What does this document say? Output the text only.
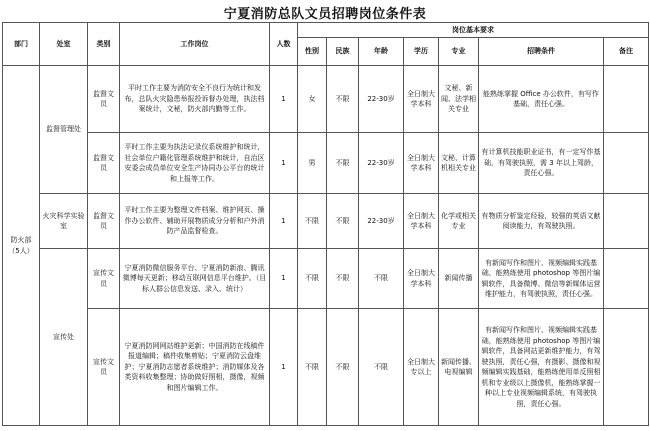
宁夏消防总队文员招聘岗位条件表
部门	处室	类别	工作岗位	人数	岗位基本要求						
					性别	民族	年龄	学历	专业	招聘条件	备注
防火部（5人）	监督管理处	监督文员	平时工作主要为消防安全不良行为统计和发布，总队火灾隐患举报投诉督办处理，执法档案统计，文秘，防火部内勤等工作。	1	女	不限	22-30岁	全日制大学本科	文秘、新闻、法学相关专业	能熟练掌握 Office 办公软件，有写作基础，责任心强。	
		监督文员	平时工作主要为执法记录仪系统维护和统计，社会单位户籍化管理系统维护和统计，自治区安委会成员单位安全生产协同办公平台的统计和上报等工作。	1	男	不限	22-30岁	全日制大学本科	文秘、计算机相关专业	有计算机技能职业证书，有一定写作基础，有驾驶执照，需 3 年以上驾龄，责任心强。	
	火灾科学实验室	监督文员	平时工作主要为整理文件档案、维护网页、操作办公软件、辅助开展物质成分分析和户外消防产品监督检查。	1	不限	不限	22-30岁	全日制大学本科	化学或相关专业	有物质分析鉴定经验，较强的英语文献阅读能力，有驾驶执照。	
	宣传处	宣传文员	宁夏消防微信服务平台、宁夏消防新浪、腾讯微博每天更新；移动互联网信息平台维护。（目标人群公信息发送、录入、统计）	1	不限	不限	不限	全日制大学本科	新闻传播	有新闻写作和图片、视频编辑实践基础，能熟练使用 photoshop 等图片编辑软件，具备微博、微信等新媒体运营维护能力，有驾驶执照，责任心强。	
		宣传文员	宁夏消防网网站维护更新；中国消防在线稿件报道编辑；稿件收集剪贴；宁夏消防云盘维护；宁夏消防志愿者系统维护；消防媒体及各类资料收集整理；协助做好照相，摄像，视频和图片编辑工作。	1	不限	不限	不限	全日制大专以上	新闻传播、电视编辑	有新闻写作和图片、视频编辑实践基础，能熟练使用 photoshop 等图片编辑软件，具备网站更新维护能力，有驾驶执照，责任心强，有摄影、摄像和视频编辑实践基础，能熟练使用单反照相机和专业级以上摄像机，能熟练掌握一种以上专业视频编辑系统，有驾驶执照，责任心强。	
